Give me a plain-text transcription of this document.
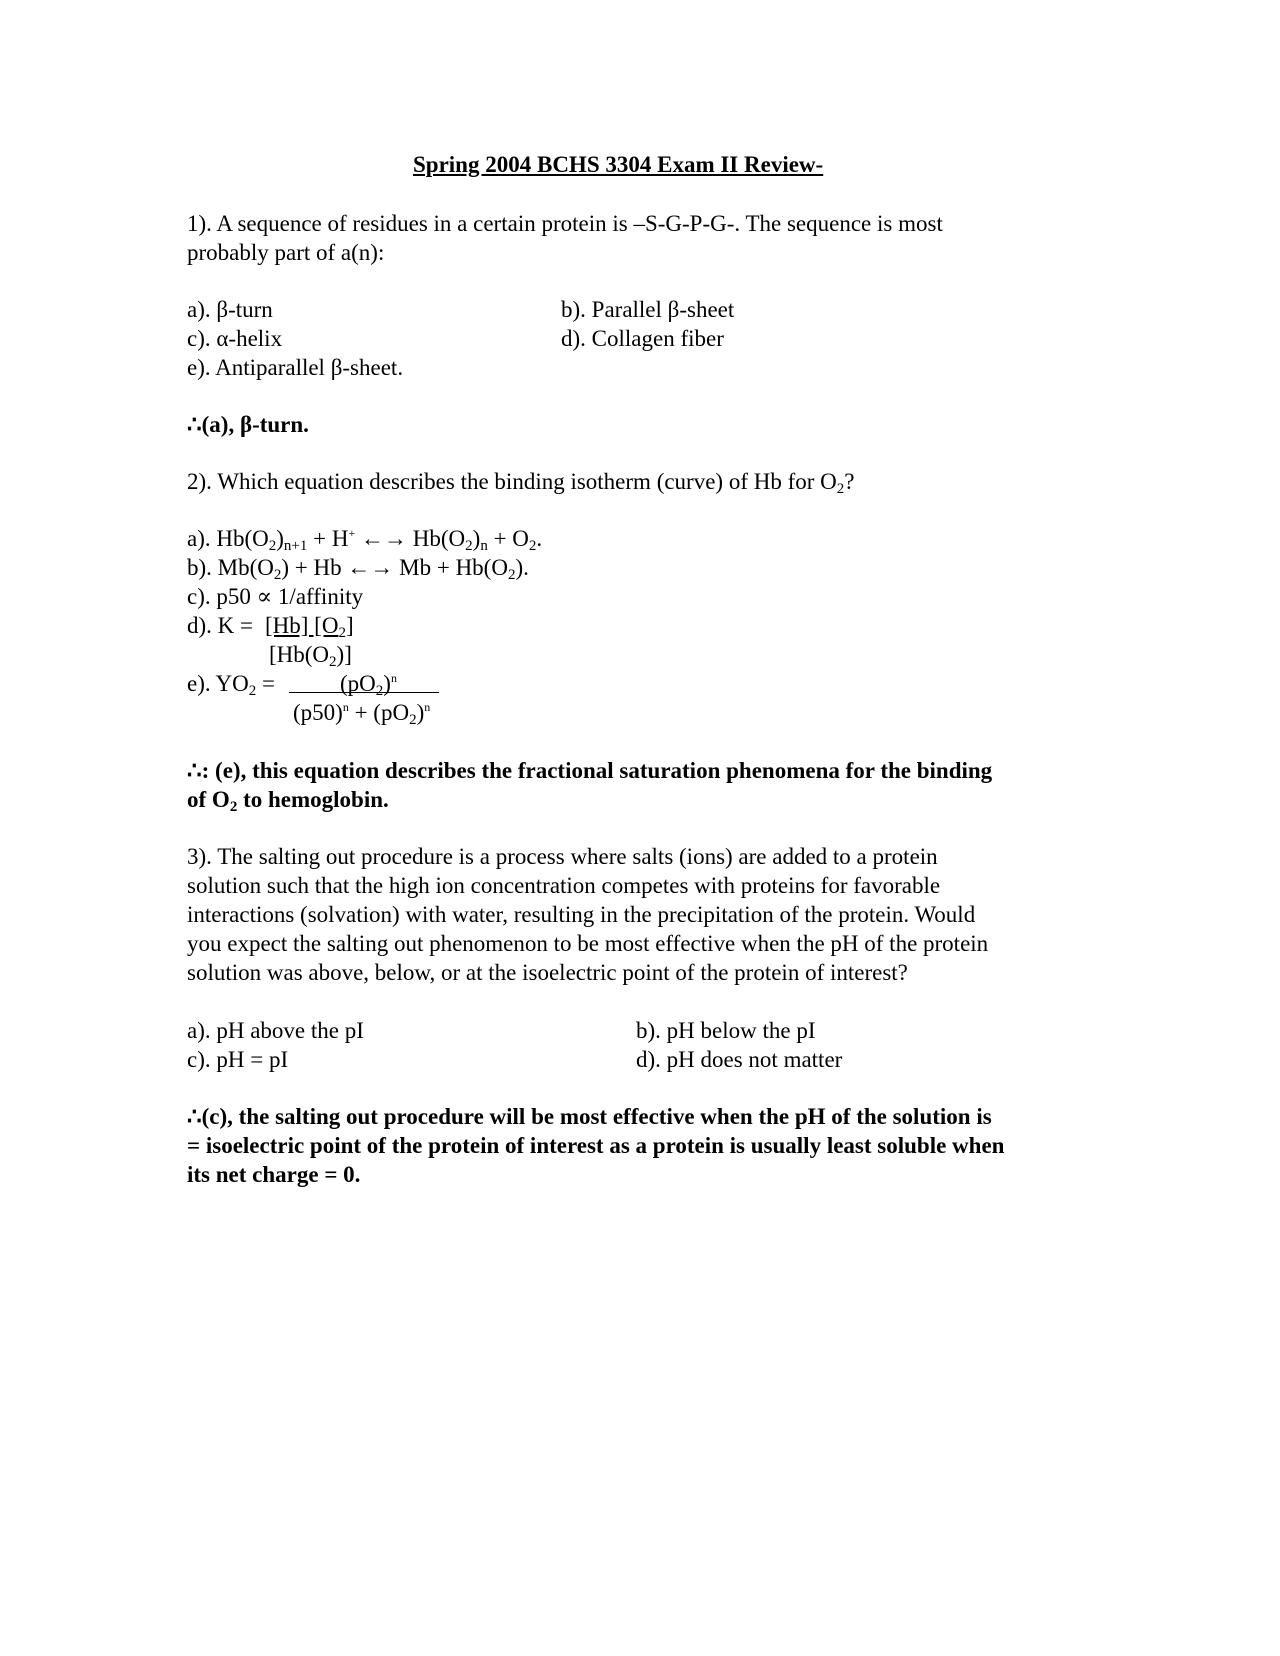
Spring 2004 BCHS 3304 Exam II Review-
1). A sequence of residues in a certain protein is –S-G-P-G-. The sequence is most
probably part of a(n):
a). β-turn	b). Parallel β-sheet
c). α-helix	d). Collagen fiber
e). Antiparallel β-sheet.
∴(a), β-turn.
2). Which equation describes the binding isotherm (curve) of Hb for $O_2$?
a). $Hb(O_2)_{n+1} + H^+$ ←→ $Hb(O_2)_n + O_2$.
b). $Mb(O_2) + Hb$ ←→ $Mb + Hb(O_2)$.
c). p50 ∝ 1/affinity
d). K = [Hb] $[O_2]$
$[Hb(O_2)]$
e). $YO_2$ =	$(pO_2)^n$
$(p50)^n + (pO_2)^n$
∴: (e), this equation describes the fractional saturation phenomena for the binding
of $O_2$ to hemoglobin.
3). The salting out procedure is a process where salts (ions) are added to a protein
solution such that the high ion concentration competes with proteins for favorable
interactions (solvation) with water, resulting in the precipitation of the protein. Would
you expect the salting out phenomenon to be most effective when the pH of the protein
solution was above, below, or at the isoelectric point of the protein of interest?
a). pH above the pI	b). pH below the pI
c). pH = pI	d). pH does not matter
∴(c), the salting out procedure will be most effective when the pH of the solution is
= isoelectric point of the protein of interest as a protein is usually least soluble when
its net charge = 0.
